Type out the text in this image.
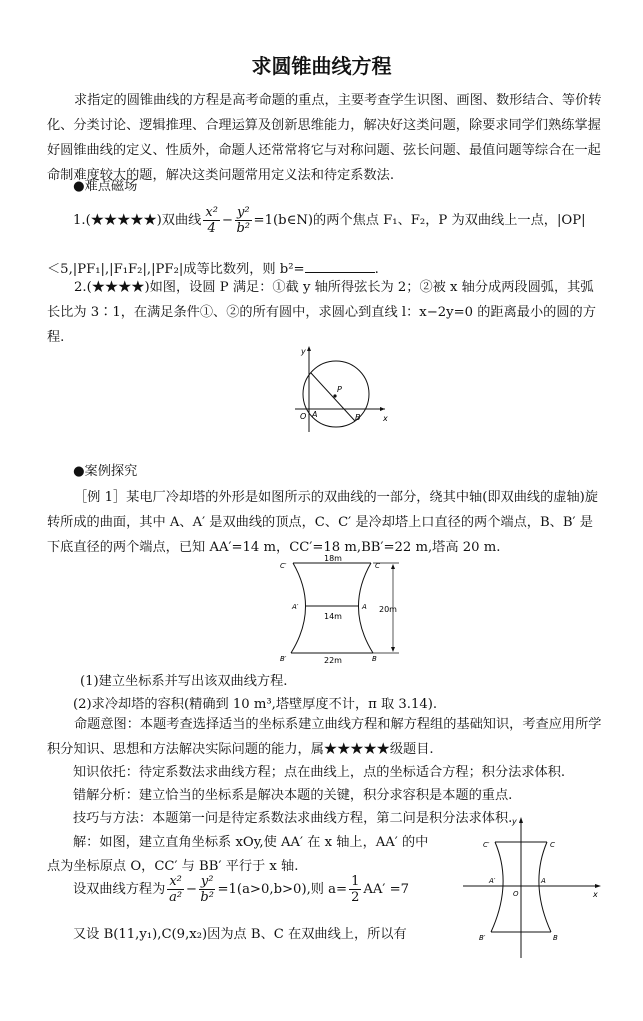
求圆锥曲线方程
求指定的圆锥曲线的方程是高考命题的重点，主要考查学生识图、画图、数形结合、等价转化、分类讨论、逻辑推理、合理运算及创新思维能力，解决好这类问题，除要求同学们熟练掌握好圆锥曲线的定义、性质外，命题人还常常将它与对称问题、弦长问题、最值问题等综合在一起命制难度较大的题，解决这类问题常用定义法和待定系数法.
●难点磁场
1.(★★★★★)双曲线 $\frac{\text{x²}}{4} - \frac{\text{y²}}{\text{b²}}$ =1(b∈N)的两个焦点 F₁、F₂，P 为双曲线上一点，|OP|
＜5,|PF₁|,|F₁F₂|,|PF₂|成等比数列，则 b²=	.
2.(★★★★)如图，设圆 P 满足：①截 y 轴所得弦长为 2；②被 x 轴分成两段圆弧，其弧长比为 3∶1，在满足条件①、②的所有圆中，求圆心到直线 l：x−2y=0 的距离最小的圆的方程.
y
x
O A	B
P
●案例探究
［例 1］某电厂冷却塔的外形是如图所示的双曲线的一部分，绕其中轴(即双曲线的虚轴)旋转所成的曲面，其中 A、A′ 是双曲线的顶点，C、C′ 是冷却塔上口直径的两个端点，B、B′ 是下底直径的两个端点，已知 AA′=14 m，CC′=18 m,BB′=22 m,塔高 20 m.
18m
14m
22m
20m
C′	C
A′	A
B′	B
(1)建立坐标系并写出该双曲线方程.
(2)求冷却塔的容积(精确到 10 m³,塔壁厚度不计，π 取 3.14).
命题意图：本题考查选择适当的坐标系建立曲线方程和解方程组的基础知识，考查应用所学积分知识、思想和方法解决实际问题的能力，属★★★★★级题目.
知识依托：待定系数法求曲线方程；点在曲线上，点的坐标适合方程；积分法求体积.
错解分析：建立恰当的坐标系是解决本题的关键，积分求容积是本题的重点.
技巧与方法：本题第一问是待定系数法求曲线方程，第二问是积分法求体积.
解：如图，建立直角坐标系 xOy,使 AA′ 在 x 轴上，AA′ 的中
点为坐标原点 O，CC′ 与 BB′ 平行于 x 轴.
设双曲线方程为 $\frac{\text{x²}}{\text{a²}} - \frac{\text{y²}}{\text{b²}} =1(a>0,b>0)$,则 $a= \frac{1}{2} AA' =7$
又设 B(11,y₁),C(9,x₂)因为点 B、C 在双曲线上，所以有
y
x
C′	C
A′
O
A
B′	B
